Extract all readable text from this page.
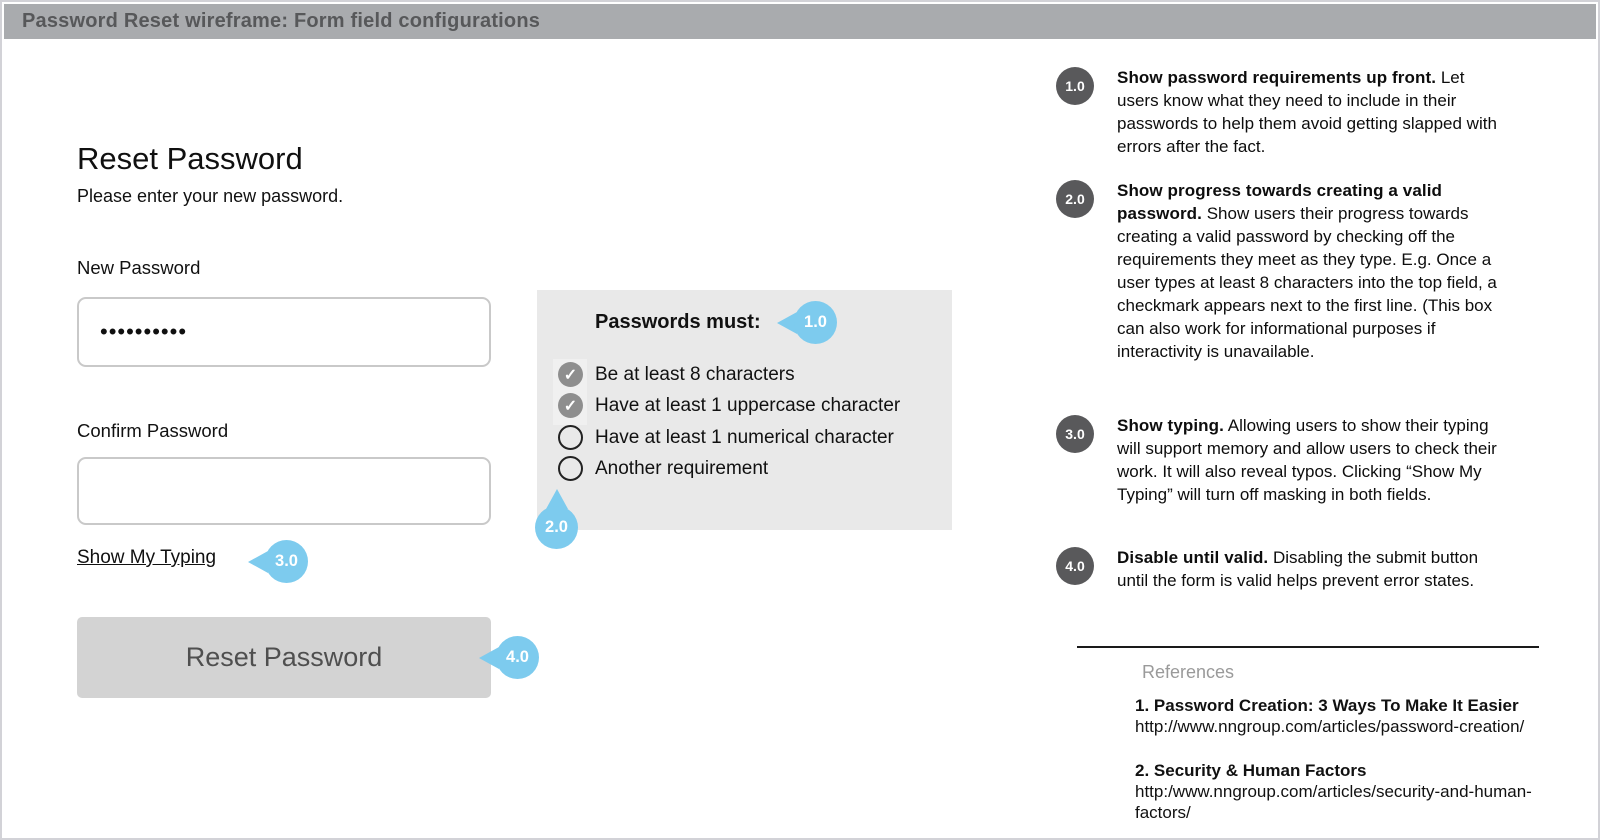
Password Reset wireframe: Form field configurations
Reset Password
Please enter your new password.
New Password
••••••••••
Confirm Password
Show My Typing
Reset Password
Passwords must:
✓ Be at least 8 characters
✓ Have at least 1 uppercase character
Have at least 1 numerical character
Another requirement
1.0
2.0
3.0
4.0
1.0	Show password requirements up front. Let users know what they need to include in their passwords to help them avoid getting slapped with errors after the fact.

2.0	Show progress towards creating a valid password. Show users their progress towards creating a valid password by checking off the requirements they meet as they type. E.g. Once a user types at least 8 characters into the top field, a checkmark appears next to the first line. (This box can also work for informational purposes if interactivity is unavailable.

3.0	Show typing. Allowing users to show their typing will support memory and allow users to check their work. It will also reveal typos. Clicking “Show My Typing” will turn off masking in both fields.

4.0	Disable until valid. Disabling the submit button until the form is valid helps prevent error states.

References

1. Password Creation: 3 Ways To Make It Easier http://www.nngroup.com/articles/password-creation/

2. Security & Human Factors http:/www.nngroup.com/articles/security-and-human-factors/
